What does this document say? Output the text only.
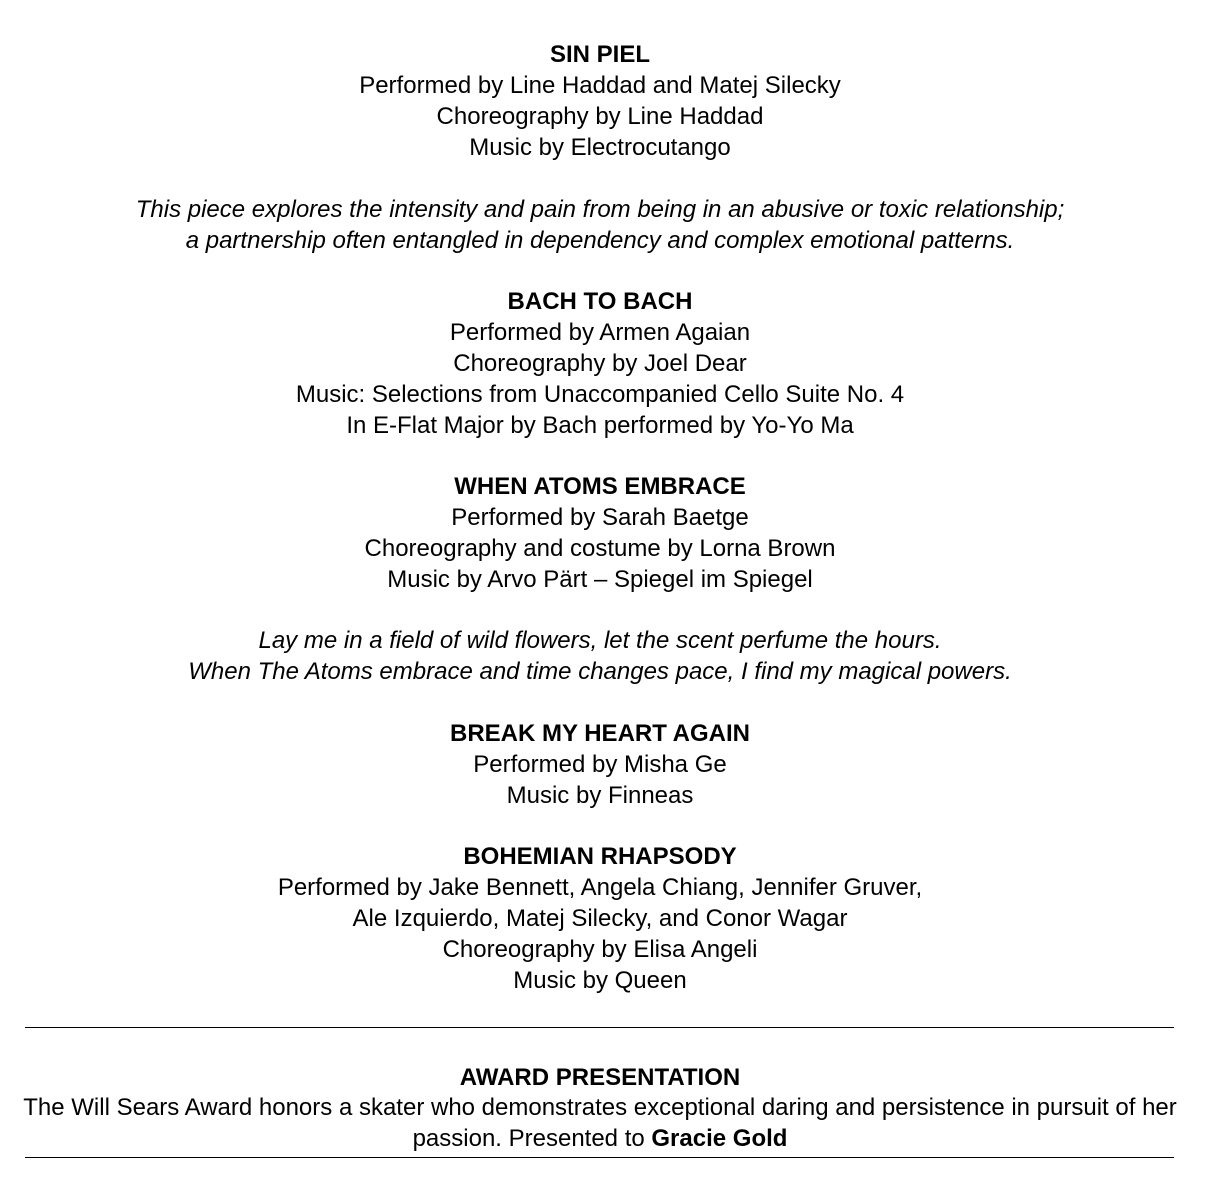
SIN PIEL
Performed by Line Haddad and Matej Silecky
Choreography by Line Haddad
Music by Electrocutango
This piece explores the intensity and pain from being in an abusive or toxic relationship;
a partnership often entangled in dependency and complex emotional patterns.
BACH TO BACH
Performed by Armen Agaian
Choreography by Joel Dear
Music: Selections from Unaccompanied Cello Suite No. 4
In E-Flat Major by Bach performed by Yo-Yo Ma
WHEN ATOMS EMBRACE
Performed by Sarah Baetge
Choreography and costume by Lorna Brown
Music by Arvo Pärt – Spiegel im Spiegel
Lay me in a field of wild flowers, let the scent perfume the hours.
When The Atoms embrace and time changes pace, I find my magical powers.
BREAK MY HEART AGAIN
Performed by Misha Ge
Music by Finneas
BOHEMIAN RHAPSODY
Performed by Jake Bennett, Angela Chiang, Jennifer Gruver,
Ale Izquierdo, Matej Silecky, and Conor Wagar
Choreography by Elisa Angeli
Music by Queen
AWARD PRESENTATION
The Will Sears Award honors a skater who demonstrates exceptional daring and persistence in pursuit of her passion. Presented to Gracie Gold
